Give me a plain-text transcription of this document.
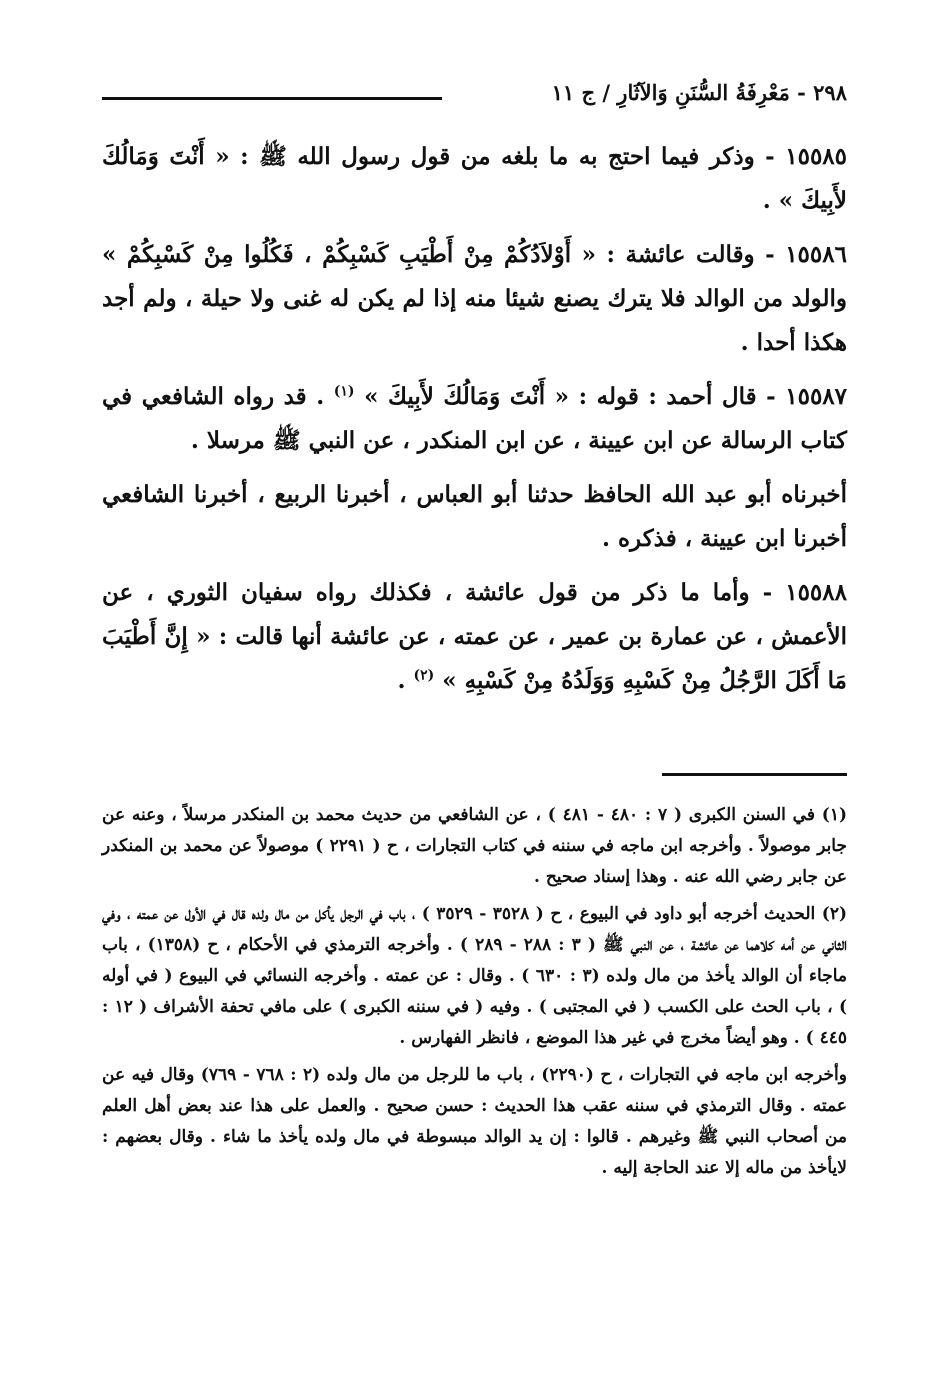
٢٩٨ - مَعْرِفَةُ السُّنَنِ وَالآثَارِ / ج ١١

١٥٥٨٥ - وذكر فيما احتج به ما بلغه من قول رسول الله ﷺ : « أَنْتَ وَمَالُكَ لأَبِيكَ » .

١٥٥٨٦ - وقالت عائشة : « أَوْلاَدُكُمْ مِنْ أَطْيَبِ كَسْبِكُمْ ، فَكُلُوا مِنْ كَسْبِكُمْ » والولد من الوالد فلا يترك يصنع شيئا منه إذا لم يكن له غنى ولا حيلة ، ولم أجد هكذا أحدا .

١٥٥٨٧ - قال أحمد : قوله : « أَنْتَ وَمَالُكَ لأَبِيكَ » $^{(١)}$ . قد رواه الشافعي في كتاب الرسالة عن ابن عيينة ، عن ابن المنكدر ، عن النبي ﷺ مرسلا .

أخبرناه أبو عبد الله الحافظ حدثنا أبو العباس ، أخبرنا الربيع ، أخبرنا الشافعي أخبرنا ابن عيينة ، فذكره .

١٥٥٨٨ - وأما ما ذكر من قول عائشة ، فكذلك رواه سفيان الثوري ، عن الأعمش ، عن عمارة بن عمير ، عن عمته ، عن عائشة أنها قالت : « إِنَّ أَطْيَبَ مَا أَكَلَ الرَّجُلُ مِنْ كَسْبِهِ وَوَلَدُهُ مِنْ كَسْبِهِ » $^{(٢)}$ .

(١) في السنن الكبرى ( ٧ : ٤٨٠ - ٤٨١ ) ، عن الشافعي من حديث محمد بن المنكدر مرسلاً ، وعنه عن جابر موصولاً . وأخرجه ابن ماجه في سننه في كتاب التجارات ، ح ( ٢٢٩١ ) موصولاً عن محمد بن المنكدر عن جابر رضي الله عنه . وهذا إسناد صحيح .

(٢) الحديث أخرجه أبو داود في البيوع ، ح ( ٣٥٢٨ - ٣٥٢٩ ) ، باب في الرجل يأكل من مال ولده قال في الأول عن عمته ، وفي الثاني عن أمه كلاهما عن عائشة ، عن النبي ﷺ ( ٣ : ٢٨٨ - ٢٨٩ ) . وأخرجه الترمذي في الأحكام ، ح (١٣٥٨) ، باب ماجاء أن الوالد يأخذ من مال ولده (٣ : ٦٣٠ ) . وقال : عن عمته . وأخرجه النسائي في البيوع ( في أوله ) ، باب الحث على الكسب ( في المجتبى ) . وفيه ( في سننه الكبرى ) على مافي تحفة الأشراف ( ١٢ : ٤٤٥ ) . وهو أيضاً مخرج في غير هذا الموضع ، فانظر الفهارس .

وأخرجه ابن ماجه في التجارات ، ح (٢٢٩٠) ، باب ما للرجل من مال ولده (٢ : ٧٦٨ - ٧٦٩) وقال فيه عن عمته . وقال الترمذي في سننه عقب هذا الحديث : حسن صحيح . والعمل على هذا عند بعض أهل العلم من أصحاب النبي ﷺ وغيرهم . قالوا : إن يد الوالد مبسوطة في مال ولده يأخذ ما شاء . وقال بعضهم : لايأخذ من ماله إلا عند الحاجة إليه .
